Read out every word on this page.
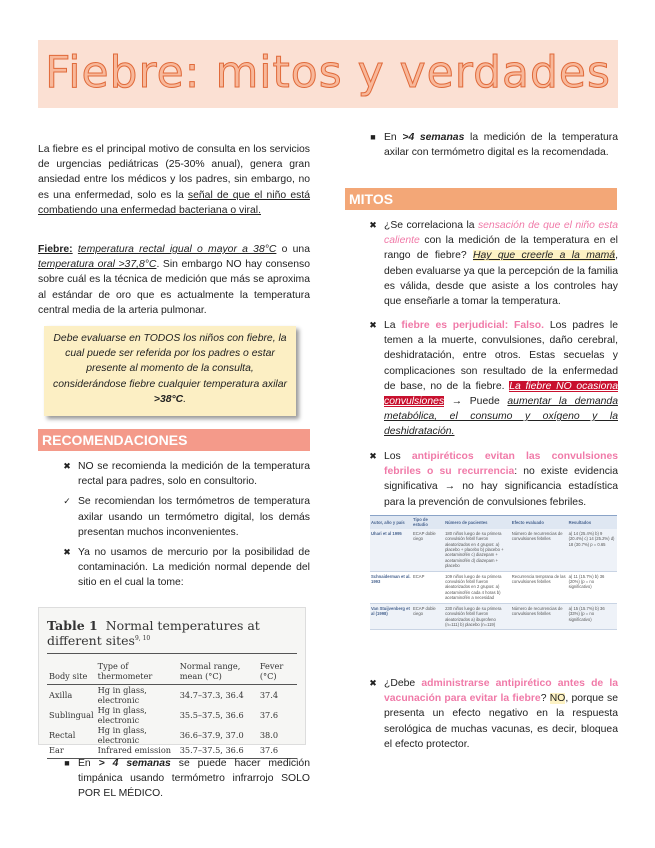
Fiebre: mitos y verdades

La fiebre es el principal motivo de consulta en los servicios de urgencias pediátricas (25-30% anual), genera gran ansiedad entre los médicos y los padres, sin embargo, no es una enfermedad, solo es la señal de que el niño está combatiendo una enfermedad bacteriana o viral.

Fiebre: temperatura rectal igual o mayor a 38°C o una temperatura oral >37,8°C. Sin embargo NO hay consenso sobre cuál es la técnica de medición que más se aproxima al estándar de oro que es actualmente la temperatura central media de la arteria pulmonar.

Debe evaluarse en TODOS los niños con fiebre, la cual puede ser referida por los padres o estar presente al momento de la consulta, considerándose fiebre cualquier temperatura axilar >38°C.
RECOMENDACIONES
✖ NO se recomienda la medición de la temperatura rectal para padres, solo en consultorio.
✓ Se recomiendan los termómetros de temperatura axilar usando un termómetro digital, los demás presentan muchos inconvenientes.
✖ Ya no usamos de mercurio por la posibilidad de contaminación. La medición normal depende del sitio en el cual la tome:
Table 1 Normal temperatures at different sites$^{9, 10}$
Body site	Type of thermometer	Normal range, mean (°C)	Fever (°C)
Axilla	Hg in glass, electronic	34.7–37.3, 36.4	37.4
Sublingual	Hg in glass, electronic	35.5–37.5, 36.6	37.6
Rectal	Hg in glass, electronic	36.6–37.9, 37.0	38.0
Ear	Infrared emission	35.7–37.5, 36.6	37.6
■ En > 4 semanas se puede hacer medición timpánica usando termómetro infrarrojo SOLO POR EL MÉDICO.
■ En >4 semanas la medición de la temperatura axilar con termómetro digital es la recomendada.
MITOS
✖ ¿Se correlaciona la sensación de que el niño esta caliente con la medición de la temperatura en el rango de fiebre? Hay que creerle a la mamá, deben evaluarse ya que la percepción de la familia es válida, desde que asiste a los controles hay que enseñarle a tomar la temperatura.
✖ La fiebre es perjudicial: Falso. Los padres le temen a la muerte, convulsiones, daño cerebral, deshidratación, entre otros. Estas secuelas y complicaciones son resultado de la enfermedad de base, no de la fiebre. La fiebre NO ocasiona convulsiones → Puede aumentar la demanda metabólica, el consumo y oxígeno y la deshidratación.
✖ Los antipiréticos evitan las convulsiones febriles o su recurrencia: no existe evidencia significativa → no hay significancia estadística para la prevención de convulsiones febriles.
Autor, año y país	Tipo de estudio	Número de pacientes	Efecto evaluado	Resultados
Uhari et al 1995	ECAP doble ciego	180 niños luego de su primera convulsión febril fueron aleatorizados en 4 grupos: a) placebo + placebo b) placebo + acetaminofén c) diazepam + acetaminofén d) diazepam + placebo	Número de recurrencias de convulsiones febriles	a) 14 (25.4%) b) 9 (20.4%) c) 14 (25.2%) d) 18 (30.7%) p = 0.65
Schnaiderman et al. 1993	ECAP	109 niños luego de su primera convulsión febril fueron aleatorizados en 2 grupos: a) acetaminofén cada 4 horas b) acetaminofén a necesidad	Recurrencia temprana de las convulsiones febriles	a) 11 (15.7%) b) 36 (20%) (p = no significativo)
Van Stuijvenberg et al (1998)	ECAP doble ciego	230 niños luego de su primera convulsión febril fueron aleatorizados a) ibuprofeno (n=111) b) placebo (n=119)	Número de recurrencias de convulsiones febriles	a) 15 (15.7%) b) 36 (33%) (p = no significativo)
✖ ¿Debe administrarse antipirético antes de la vacunación para evitar la fiebre? NO, porque se presenta un efecto negativo en la respuesta serológica de muchas vacunas, es decir, bloquea el efecto protector.
